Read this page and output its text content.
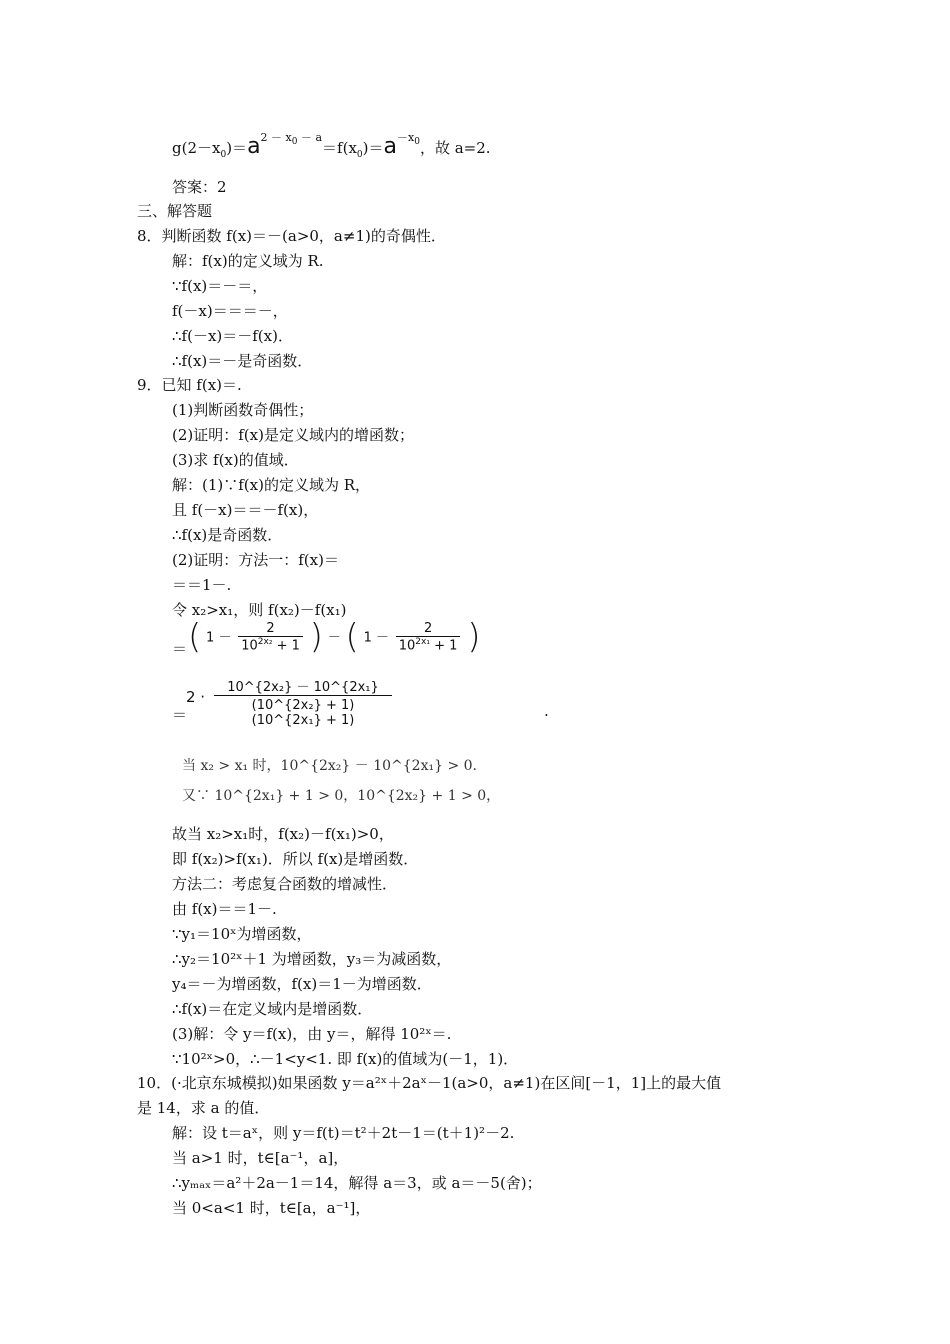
$g(2-x_0)=a^{2 - x_0 - a}=f(x_0)=a^{-x_0}$，故 a=2.
答案：2
三、解答题
8．判断函数 f(x)＝－(a>0，a≠1)的奇偶性．
解：f(x)的定义域为 R.
∵f(x)＝－＝，
f(－x)＝＝＝－，
∴f(－x)＝－f(x)．
∴f(x)＝－是奇函数．
9．已知 f(x)＝.
(1)判断函数奇偶性；
(2)证明：f(x)是定义域内的增函数；
(3)求 f(x)的值域．
解：(1)∵f(x)的定义域为 R，
且 f(－x)＝＝－f(x)，
∴f(x)是奇函数．
(2)证明：方法一：f(x)＝
＝＝1－.
令 x₂>x₁，则 f(x₂)－f(x₁)
＝ ( $1 - \frac{2}{10^{2x_2} + 1}$ ) － ( $1 - \frac{2}{10^{2x_1} + 1}$ )
＝
$2 \cdot \frac{\text{10\textasciicircum{}\{2x₂\} － 10\textasciicircum{}\{2x₁\}}}{\text{(10\textasciicircum{}\{2x₂\} + 1) (10\textasciicircum{}\{2x₁\} + 1)}}$	.
当 x₂ > x₁ 时，10^{2x₂} － 10^{2x₁} > 0.
又∵ 10^{2x₁} + 1 > 0，10^{2x₂} + 1 > 0，
故当 x₂>x₁时，f(x₂)－f(x₁)>0，
即 f(x₂)>f(x₁)．所以 f(x)是增函数．
方法二：考虑复合函数的增减性．
由 f(x)＝＝1－.
∵y₁＝10ˣ为增函数，
∴y₂＝10²ˣ＋1 为增函数，y₃＝为减函数，
y₄＝－为增函数，f(x)＝1－为增函数．
∴f(x)＝在定义域内是增函数．
(3)解：令 y＝f(x)，由 y＝，解得 10²ˣ＝.
∵10²ˣ>0，∴－1<y<1. 即 f(x)的值域为(－1，1)．
10．(·北京东城模拟)如果函数 y＝a²ˣ＋2aˣ－1(a>0，a≠1)在区间[－1，1]上的最大值
是 14，求 a 的值．
解：设 t＝aˣ，则 y＝f(t)＝t²＋2t－1＝(t＋1)²－2.
当 a>1 时，t∈[a⁻¹，a]，
∴yₘₐₓ＝a²＋2a－1＝14，解得 a＝3，或 a＝－5(舍)；
当 0<a<1 时，t∈[a，a⁻¹]，
